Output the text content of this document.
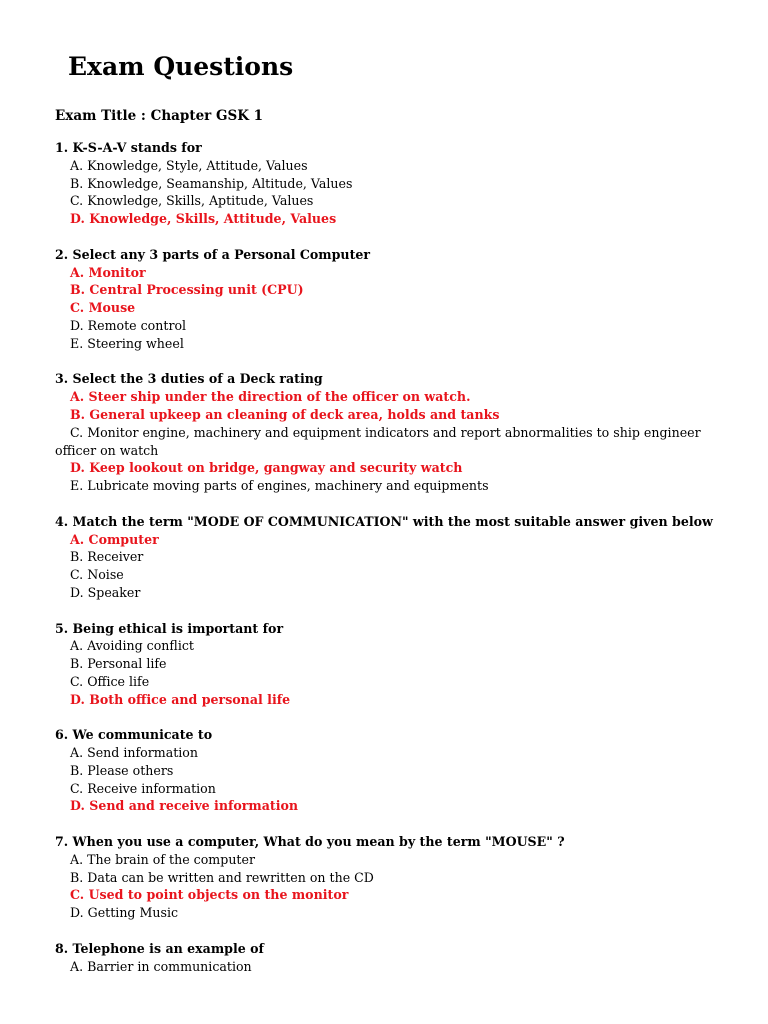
Exam Questions
Exam Title : Chapter GSK 1
1. K-S-A-V stands for
A. Knowledge, Style, Attitude, Values
B. Knowledge, Seamanship, Altitude, Values
C. Knowledge, Skills, Aptitude, Values
D. Knowledge, Skills, Attitude, Values
2. Select any 3 parts of a Personal Computer
A. Monitor
B. Central Processing unit (CPU)
C. Mouse
D. Remote control
E. Steering wheel
3. Select the 3 duties of a Deck rating
A. Steer ship under the direction of the officer on watch.
B. General upkeep an cleaning of deck area, holds and tanks
C. Monitor engine, machinery and equipment indicators and report abnormalities to ship engineer officer on watch
D. Keep lookout on bridge, gangway and security watch
E. Lubricate moving parts of engines, machinery and equipments
4. Match the term "MODE OF COMMUNICATION" with the most suitable answer given below
A. Computer
B. Receiver
C. Noise
D. Speaker
5. Being ethical is important for
A. Avoiding conflict
B. Personal life
C. Office life
D. Both office and personal life
6. We communicate to
A. Send information
B. Please others
C. Receive information
D. Send and receive information
7. When you use a computer, What do you mean by the term "MOUSE" ?
A. The brain of the computer
B. Data can be written and rewritten on the CD
C. Used to point objects on the monitor
D. Getting Music
8. Telephone is an example of
A. Barrier in communication
